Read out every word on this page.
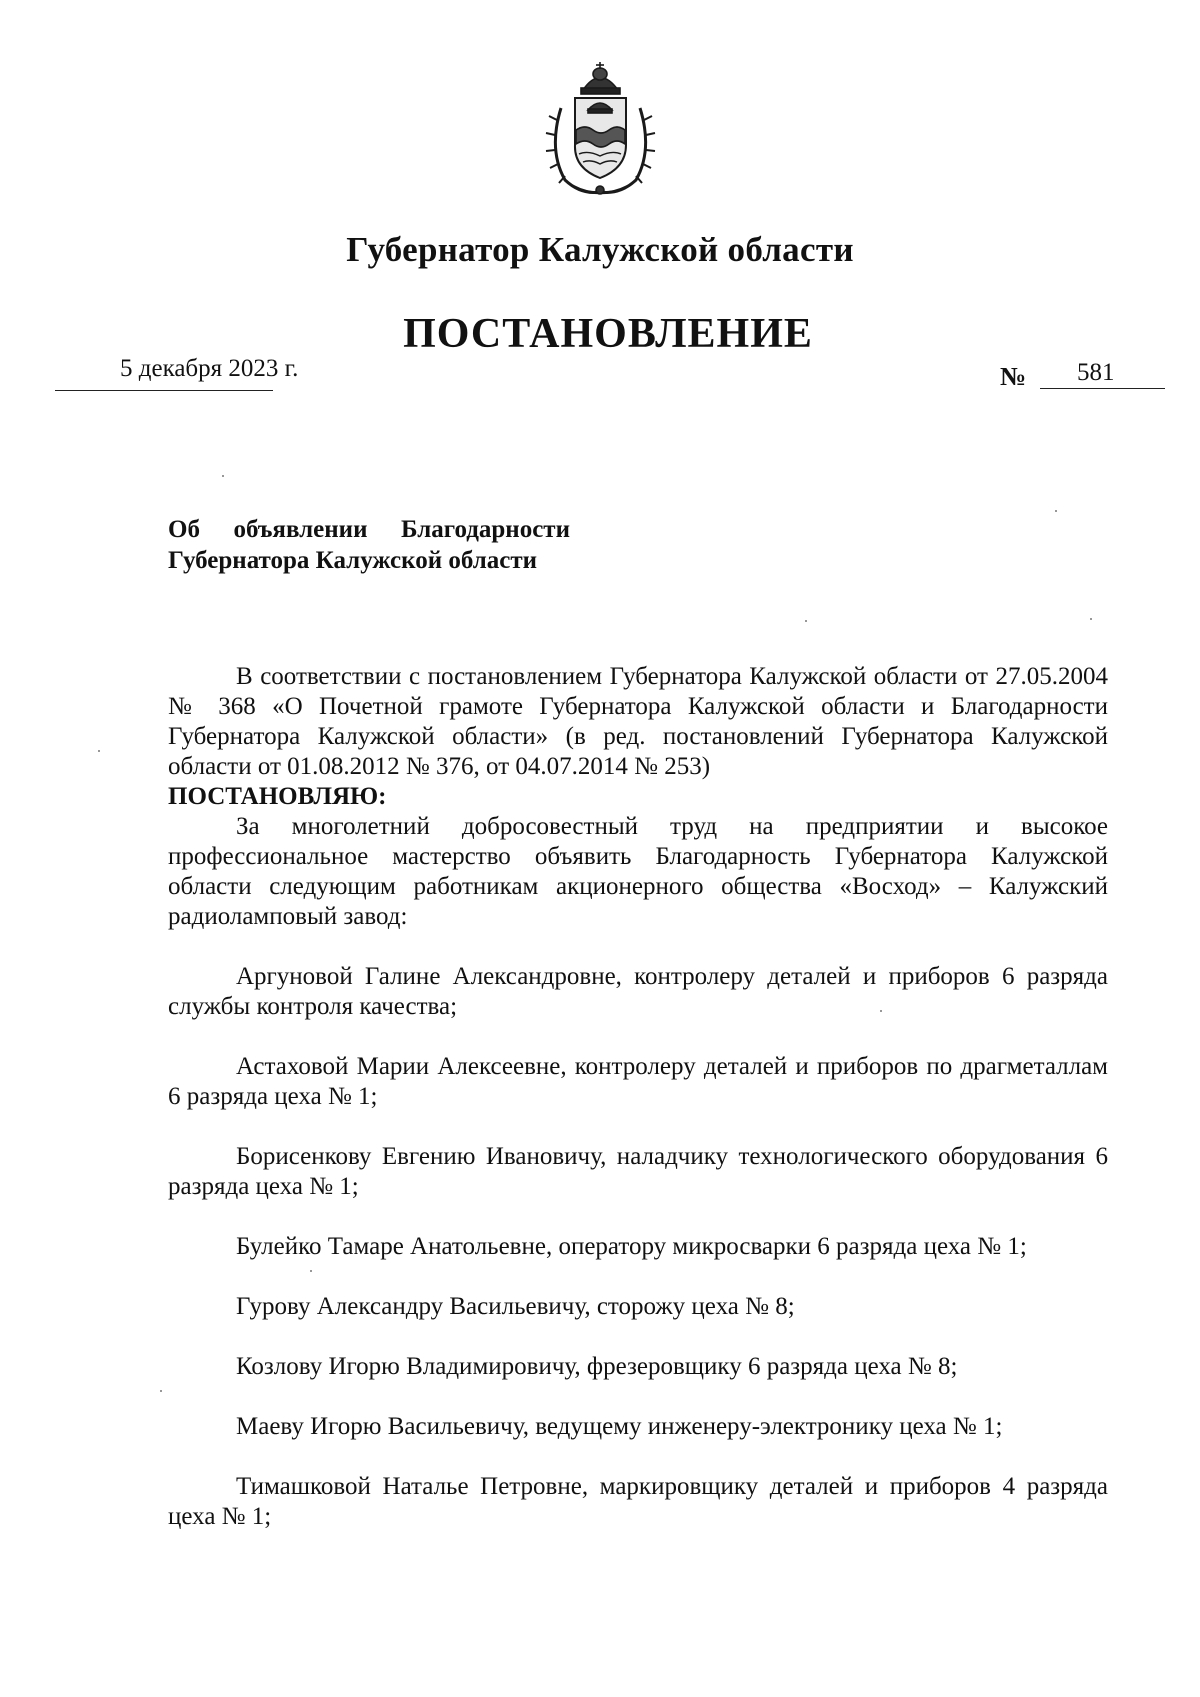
Губернатор Калужской области
ПОСТАНОВЛЕНИЕ
5 декабря 2023 г.	№ 581
Об объявлении Благодарности
Губернатора Калужской области

В соответствии с постановлением Губернатора Калужской области от 27.05.2004 № 368 «О Почетной грамоте Губернатора Калужской области и Благодарности Губернатора Калужской области» (в ред. постановлений Губернатора Калужской области от 01.08.2012 № 376, от 04.07.2014 № 253)

ПОСТАНОВЛЯЮ:

За многолетний добросовестный труд на предприятии и высокое профессиональное мастерство объявить Благодарность Губернатора Калужской области следующим работникам акционерного общества «Восход» – Калужский радиоламповый завод:

Аргуновой Галине Александровне, контролеру деталей и приборов 6 разряда службы контроля качества;

Астаховой Марии Алексеевне, контролеру деталей и приборов по драгметаллам 6 разряда цеха № 1;

Борисенкову Евгению Ивановичу, наладчику технологического оборудования 6 разряда цеха № 1;

Булейко Тамаре Анатольевне, оператору микросварки 6 разряда цеха № 1;

Гурову Александру Васильевичу, сторожу цеха № 8;

Козлову Игорю Владимировичу, фрезеровщику 6 разряда цеха № 8;

Маеву Игорю Васильевичу, ведущему инженеру-электронику цеха № 1;

Тимашковой Наталье Петровне, маркировщику деталей и приборов 4 разряда цеха № 1;
